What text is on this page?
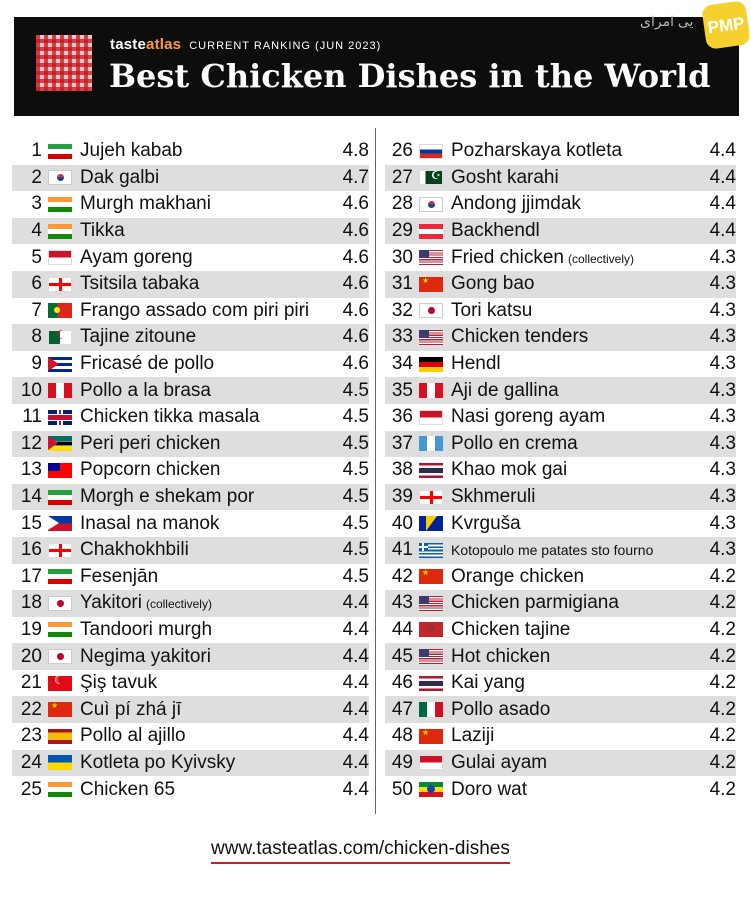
tasteatlas CURRENT RANKING (JUN 2023)
Best Chicken Dishes in the World
یی امرای PMP
1	Jujeh kabab	4.8
2	Dak galbi	4.7
3	Murgh makhani	4.6
4	Tikka	4.6
5	Ayam goreng	4.6
6	Tsitsila tabaka	4.6
7	Frango assado com piri piri	4.6
8 ☾	Tajine zitoune	4.6
9	Fricasé de pollo	4.6
10	Pollo a la brasa	4.5
11	Chicken tikka masala	4.5
12	Peri peri chicken	4.5
13	Popcorn chicken	4.5
14	Morgh e shekam por	4.5
15	Inasal na manok	4.5
16	Chakhokhbili	4.5
17	Fesenjān	4.5
18	Yakitori (collectively)	4.4
19	Tandoori murgh	4.4
20	Negima yakitori	4.4
21 ☾	Şiş tavuk	4.4
22 ★	Cuì pí zhá jī	4.4
23	Pollo al ajillo	4.4
24	Kotleta po Kyivsky	4.4
25	Chicken 65	4.4
26	Pozharskaya kotleta	4.4
27 ☪	Gosht karahi	4.4
28	Andong jjimdak	4.4
29	Backhendl	4.4
30	Fried chicken (collectively)	4.3
31 ★	Gong bao	4.3
32	Tori katsu	4.3
33	Chicken tenders	4.3
34	Hendl	4.3
35	Aji de gallina	4.3
36	Nasi goreng ayam	4.3
37	Pollo en crema	4.3
38	Khao mok gai	4.3
39	Skhmeruli	4.3
40	Kvrguša	4.3
41	Kotopoulo me patates sto fourno	4.3
42 ★	Orange chicken	4.2
43	Chicken parmigiana	4.2
44 ☆	Chicken tajine	4.2
45	Hot chicken	4.2
46	Kai yang	4.2
47	Pollo asado	4.2
48 ★	Laziji	4.2
49	Gulai ayam	4.2
50	Doro wat	4.2
www.tasteatlas.com/chicken-dishes
